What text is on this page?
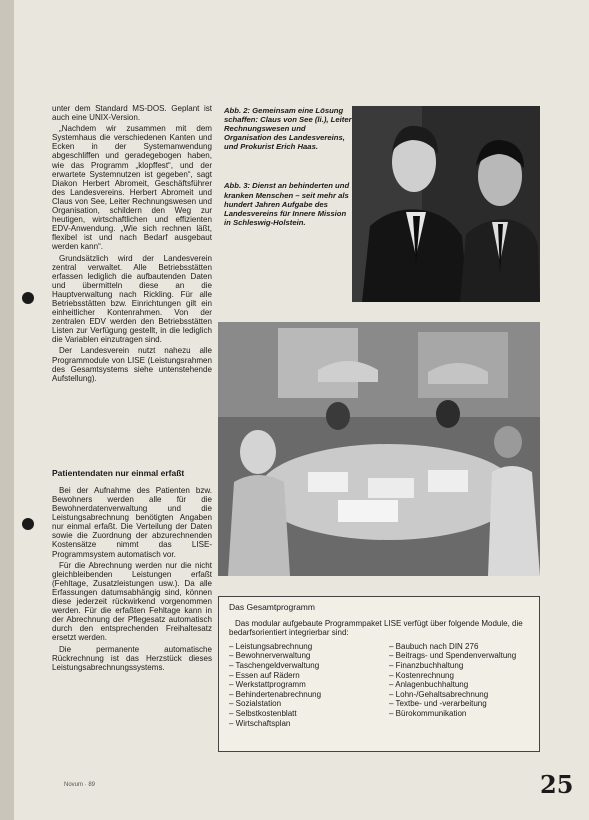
unter dem Standard MS-DOS. Geplant ist auch eine UNIX-Version.

„Nachdem wir zusammen mit dem Systemhaus die verschiedenen Kanten und Ecken in der Systemanwendung abgeschliffen und geradegebogen haben, wie das Programm „klopffest“, und der erwartete Systemnutzen ist gegeben“, sagt Diakon Herbert Abromeit, Geschäftsführer des Landesvereins. Herbert Abromeit und Claus von See, Leiter Rechnungswesen und Organisation, schildern den Weg zur heutigen, wirtschaftlichen und effizienten EDV-Anwendung. „Wie sich rechnen läßt, flexibel ist und nach Bedarf ausgebaut werden kann“.

Grundsätzlich wird der Landesverein zentral verwaltet. Alle Betriebsstätten erfassen lediglich die aufbautenden Daten und übermitteln diese an die Hauptverwaltung nach Rickling. Für alle Betriebsstätten bzw. Einrichtungen gilt ein einheitlicher Kontenrahmen. Von der zentralen EDV werden den Betriebsstätten Listen zur Verfügung gestellt, in die lediglich die Variablen einzutragen sind.

Der Landesverein nutzt nahezu alle Programmodule von LISE (Leistungsrahmen des Gesamtsystems siehe untenstehende Aufstellung).

Patientendaten nur einmal erfaßt

Bei der Aufnahme des Patienten bzw. Bewohners werden alle für die Bewohnerdatenverwaltung und die Leistungsabrechnung benötigten Angaben nur einmal erfaßt. Die Verteilung der Daten sowie die Zuordnung der abzurechnenden Kostensätze nimmt das LISE-Programmsystem automatisch vor.

Für die Abrechnung werden nur die nicht gleichbleibenden Leistungen erfaßt (Fehltage, Zusatzleistungen usw.). Da alle Erfassungen datumsabhängig sind, können diese jederzeit rückwirkend vorgenommen werden. Für die erfaßten Fehltage kann in der Abrechnung der Pflegesatz automatisch durch den entsprechenden Freihaltesatz ersetzt werden.

Die permanente automatische Rückrechnung ist das Herzstück dieses Leistungsabrechnungssystems.

Abb. 2: Gemeinsam eine Lösung schaffen: Claus von See (li.), Leiter Rechnungswesen und Organisation des Landesvereins, und Prokurist Erich Haas.

Abb. 3: Dienst an behinderten und kranken Menschen – seit mehr als hundert Jahren Aufgabe des Landesvereins für Innere Mission in Schleswig-Holstein.

Das Gesamtprogramm

Das modular aufgebaute Programmpaket LISE verfügt über folgende Module, die bedarfsorientiert integrierbar sind:

– Leistungsabrechnung
– Bewohnerverwaltung
– Taschengeldverwaltung
– Essen auf Rädern
– Werkstattprogramm
– Behindertenabrechnung
– Sozialstation
– Selbstkostenblatt
– Wirtschaftsplan
– Baubuch nach DIN 276
– Beitrags- und Spendenverwaltung
– Finanzbuchhaltung
– Kostenrechnung
– Anlagenbuchhaltung
– Lohn-/Gehaltsabrechnung
– Textbe- und -verarbeitung
– Bürokommunikation
Novum · 89	25
